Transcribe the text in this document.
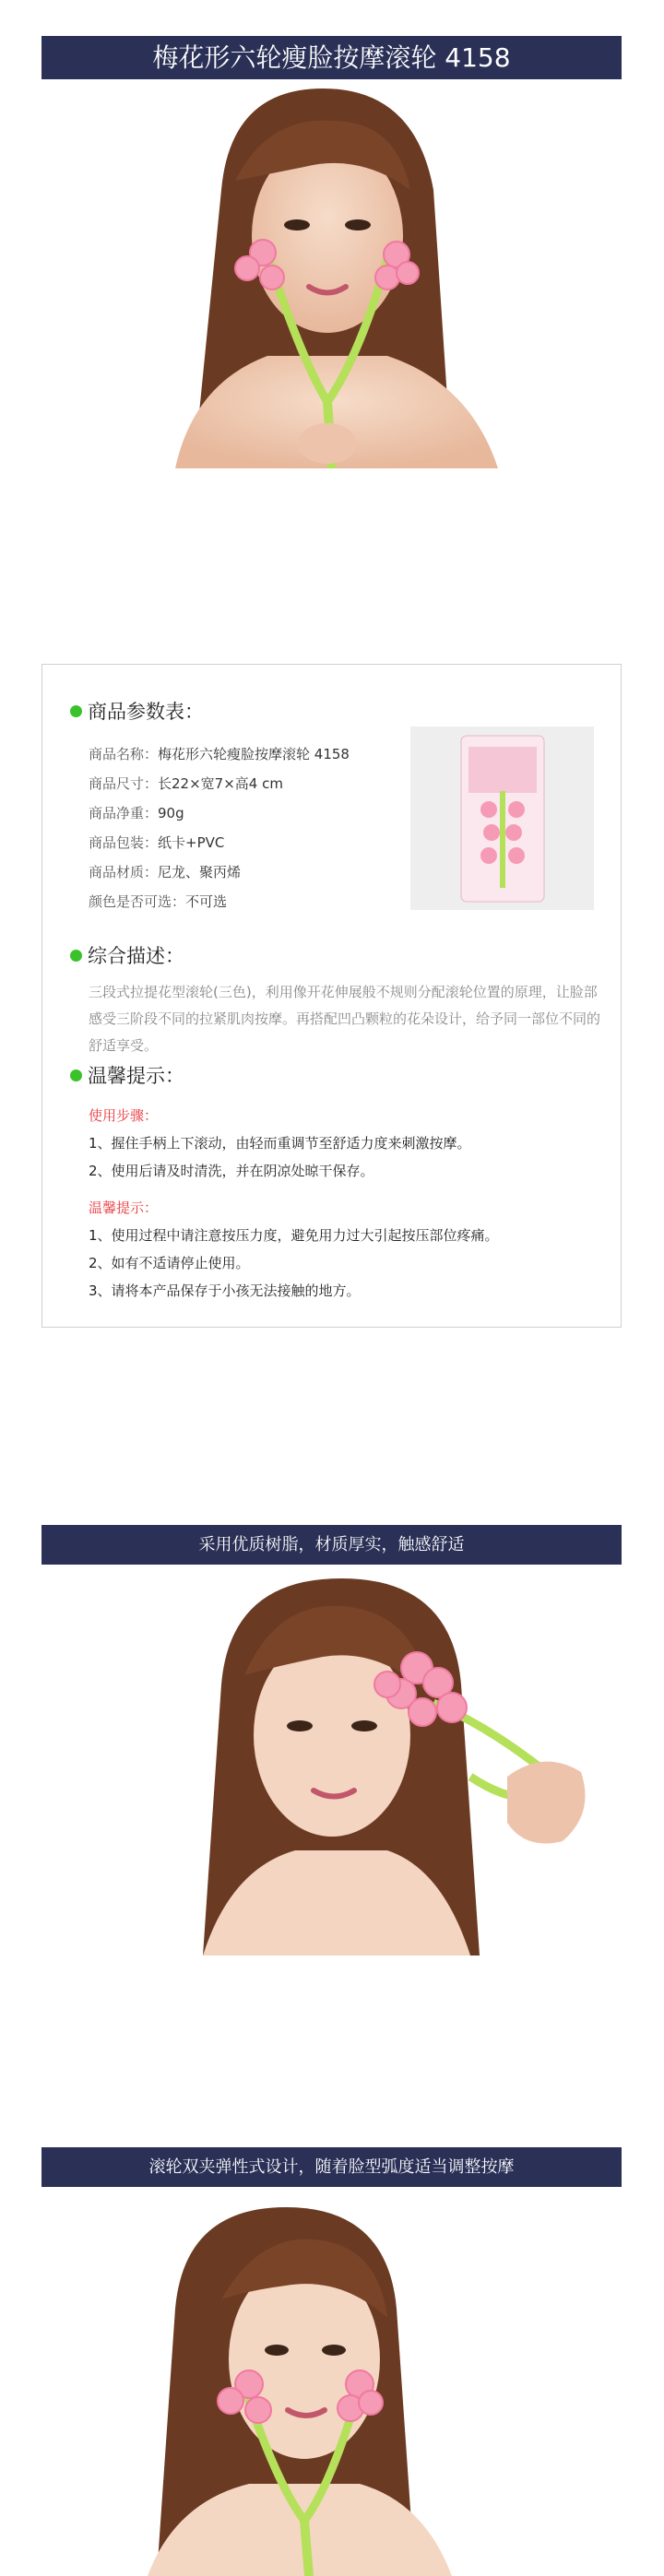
梅花形六轮瘦脸按摩滚轮 4158
商品参数表：
商品名称：梅花形六轮瘦脸按摩滚轮 4158
商品尺寸：长22×宽7×高4 cm
商品净重：90g
商品包装：纸卡+PVC
商品材质：尼龙、聚丙烯
颜色是否可选：不可选
综合描述：
三段式拉提花型滚轮(三色)，利用像开花伸展般不规则分配滚轮位置的原理，让脸部感受三阶段不同的拉紧肌肉按摩。再搭配凹凸颗粒的花朵设计，给予同一部位不同的舒适享受。
温馨提示：
使用步骤：
1、握住手柄上下滚动，由轻而重调节至舒适力度来刺激按摩。
2、使用后请及时清洗，并在阴凉处晾干保存。
温馨提示：
1、使用过程中请注意按压力度，避免用力过大引起按压部位疼痛。
2、如有不适请停止使用。
3、请将本产品保存于小孩无法接触的地方。
采用优质树脂，材质厚实，触感舒适
滚轮双夹弹性式设计，随着脸型弧度适当调整按摩
